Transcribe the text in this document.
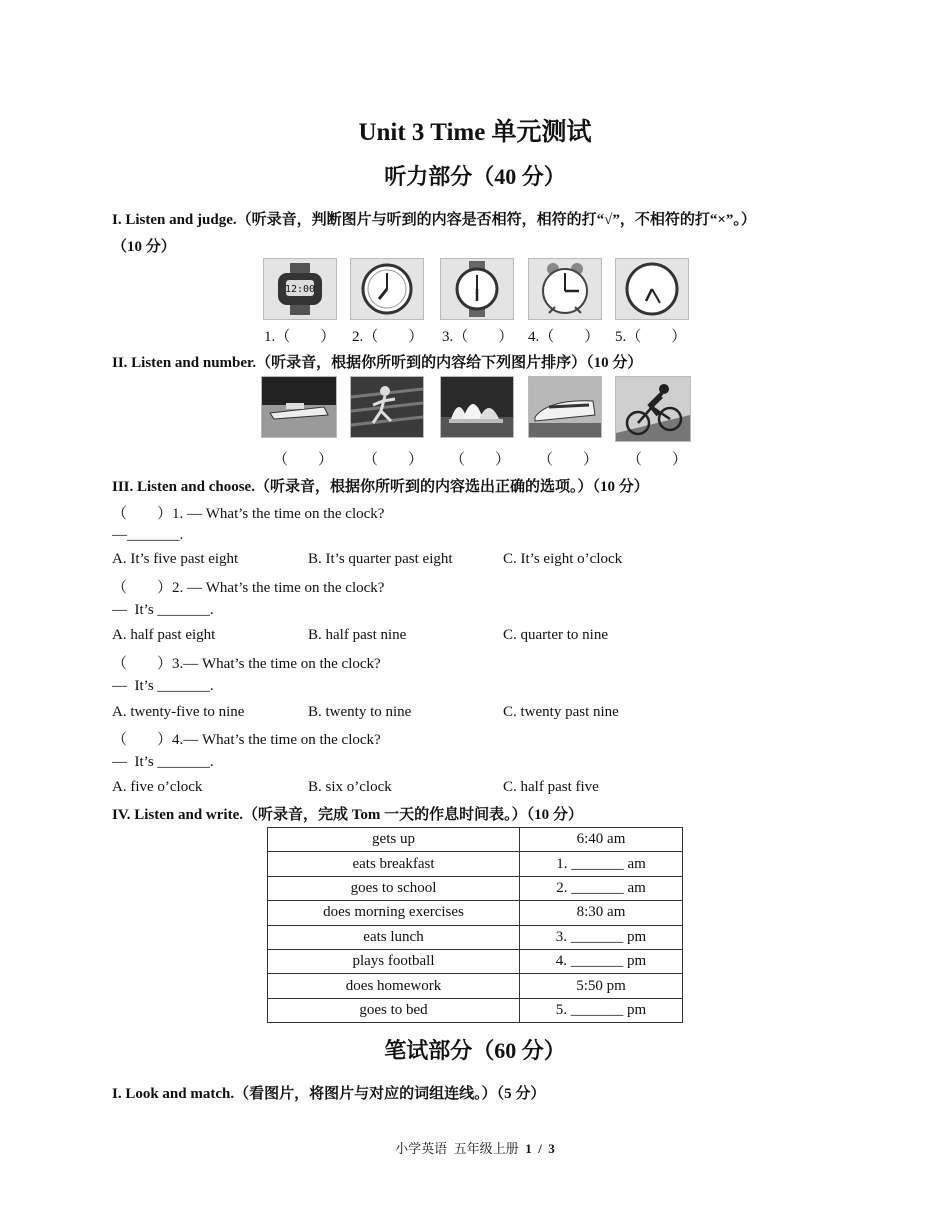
Unit 3 Time 单元测试
听力部分（40 分）
I. Listen and judge.（听录音，判断图片与听到的内容是否相符，相符的打“√”，不相符的打“×”。）
（10 分）
12:00
1.（        ） 2.（        ） 3.（        ） 4.（        ） 5.（        ）
II. Listen and number.（听录音，根据你所听到的内容给下列图片排序）（10 分）
（        ） （        ） （        ） （        ） （        ）
III. Listen and choose.（听录音，根据你所听到的内容选出正确的选项。）（10 分）
（        ）1. — What’s the time on the clock?
—_______.
A. It’s five past eight	B. It’s quarter past eight	C. It’s eight o’clock
（        ）2. — What’s the time on the clock?
—  It’s _______.
A. half past eight	B. half past nine	C. quarter to nine
（        ）3.— What’s the time on the clock?
—  It’s _______.
A. twenty-five to nine	B. twenty to nine	C. twenty past nine
（        ）4.— What’s the time on the clock?
—  It’s _______.
A. five o’clock	B. six o’clock	C. half past five
IV. Listen and write.（听录音，完成 Tom 一天的作息时间表。）（10 分）
gets up	6:40 am
eats breakfast	1. _______ am
goes to school	2. _______ am
does morning exercises	8:30 am
eats lunch	3. _______ pm
plays football	4. _______ pm
does homework	5:50 pm
goes to bed	5. _______ pm
笔试部分（60 分）
I. Look and match.（看图片，将图片与对应的词组连线。）（5 分）
小学英语  五年级上册  1  /  3
